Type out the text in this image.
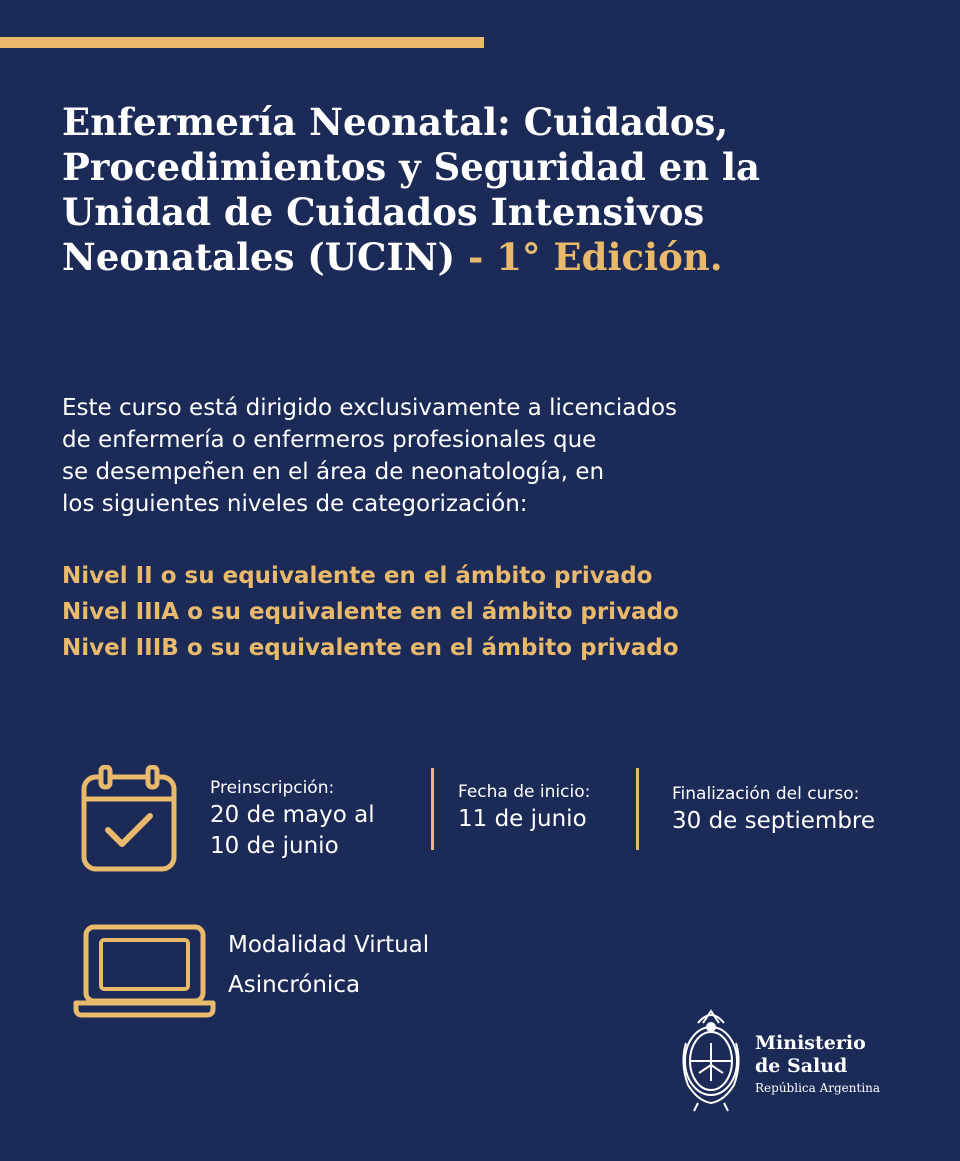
Enfermería Neonatal: Cuidados, Procedimientos y Seguridad en la Unidad de Cuidados Intensivos Neonatales (UCIN) - 1° Edición.
Este curso está dirigido exclusivamente a licenciados
de enfermería o enfermeros profesionales que
se desempeñen en el área de neonatología, en
los siguientes niveles de categorización:
Nivel II o su equivalente en el ámbito privado
Nivel IIIA o su equivalente en el ámbito privado
Nivel IIIB o su equivalente en el ámbito privado
Preinscripción:
20 de mayo al 10 de junio
Fecha de inicio:
11 de junio
Finalización del curso:
30 de septiembre
Modalidad Virtual
Asincrónica
Ministerio
de Salud
República Argentina
